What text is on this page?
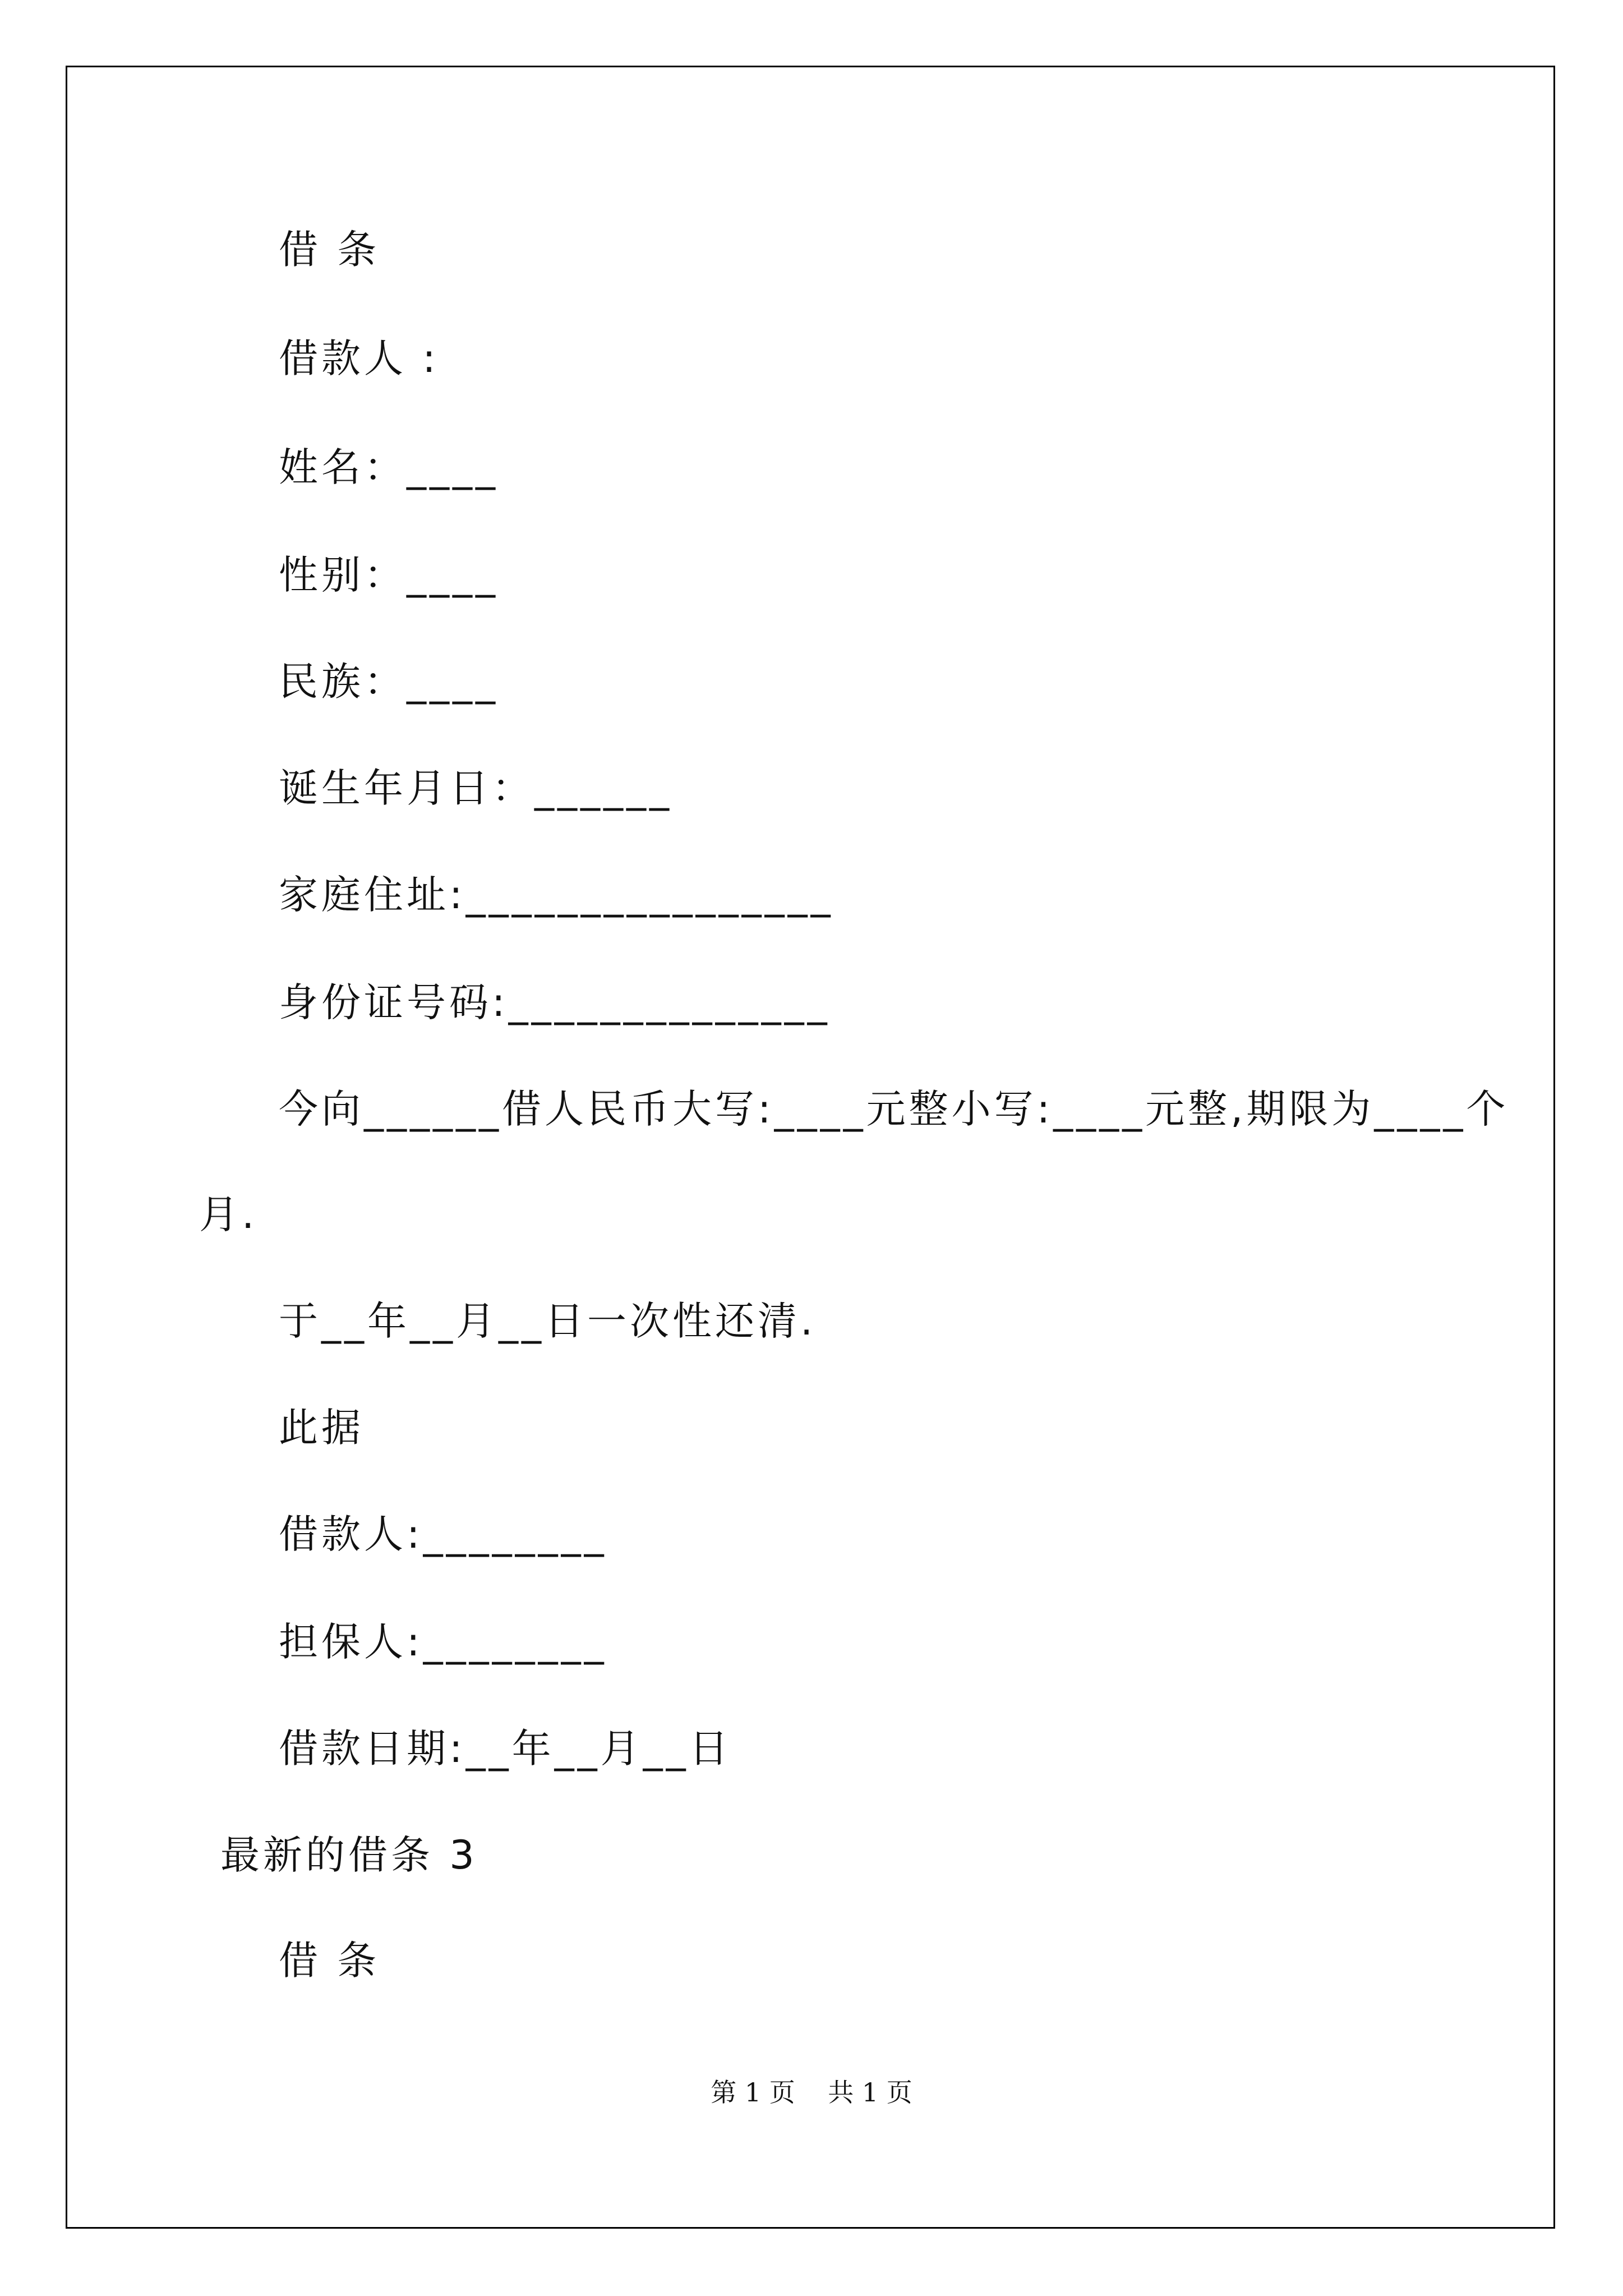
借 条
借款人 :
姓名：____
性别：____
民族：____
诞生年月日：______
家庭住址:________________
身份证号码:______________
今向______借人民币大写:____元整小写:____元整,期限为____个
月.
于__年__月__日一次性还清.
此据
借款人:________
担保人:________
借款日期:__年__月__日
最新的借条 3
借 条
第 1 页    共 1 页
